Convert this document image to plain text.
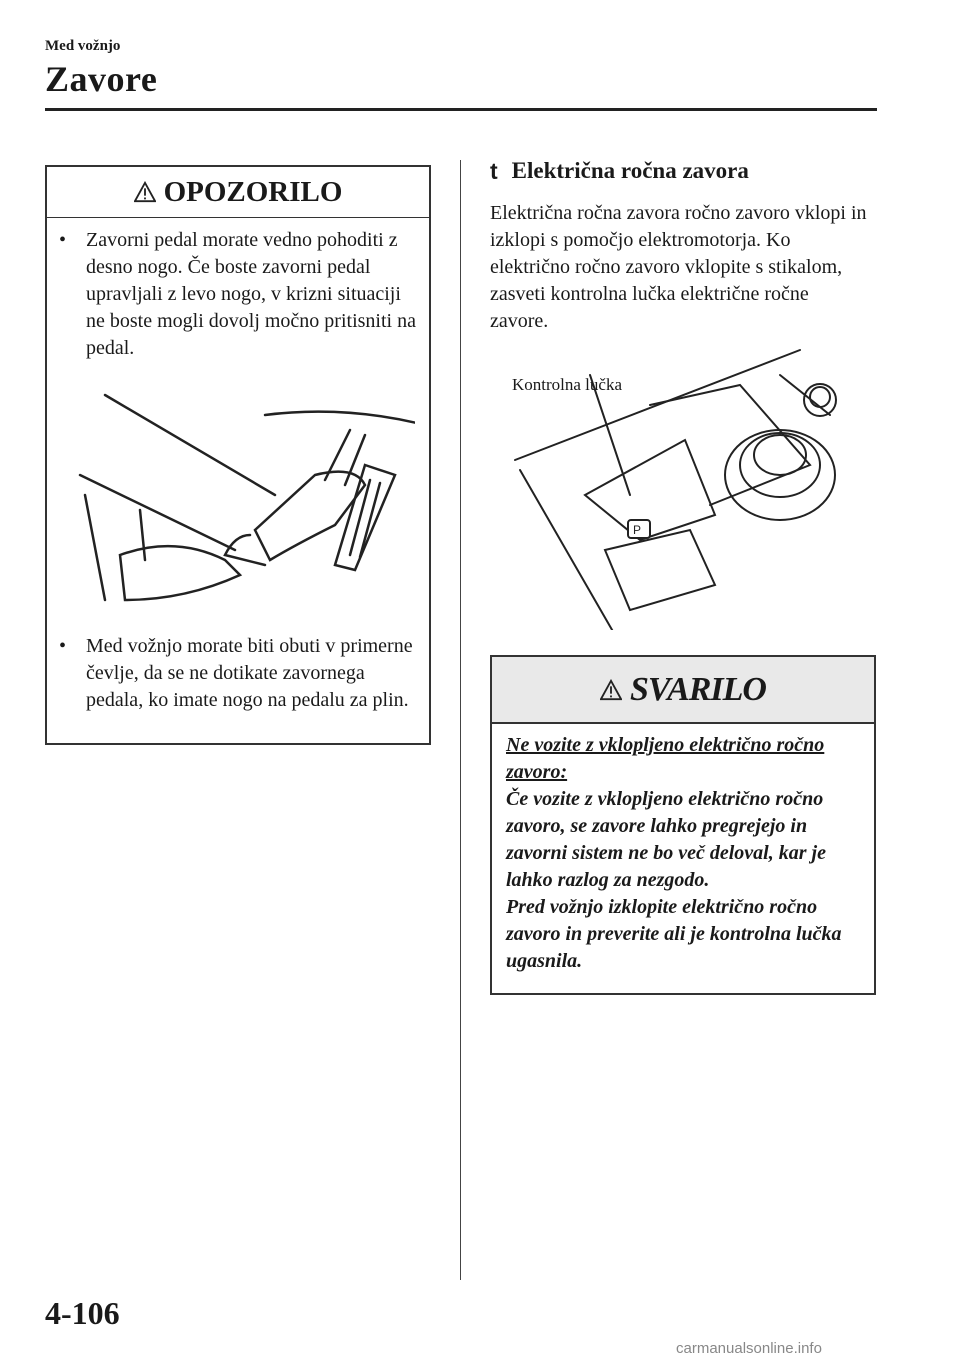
Med vožnjo
Zavore
OPOZORILO
• Zavorni pedal morate vedno pohoditi z desno nogo. Če boste zavorni pedal upravljali z levo nogo, v krizni situaciji ne boste mogli dovolj močno pritisniti na pedal.
• Med vožnjo morate biti obuti v primerne čevlje, da se ne dotikate zavornega pedala, ko imate nogo na pedalu za plin.
t Električna ročna zavora
Električna ročna zavora ročno zavoro vklopi in izklopi s pomočjo elektromotorja. Ko električno ročno zavoro vklopite s stikalom, zasveti kontrolna lučka električne ročne zavore.
P
Kontrolna lučka
SVARILO
Ne vozite z vklopljeno električno ročno zavoro:
Če vozite z vklopljeno električno ročno zavoro, se zavore lahko pregrejejo in zavorni sistem ne bo več deloval, kar je lahko razlog za nezgodo.
Pred vožnjo izklopite električno ročno zavoro in preverite ali je kontrolna lučka ugasnila.
4-106
carmanualsonline.info
